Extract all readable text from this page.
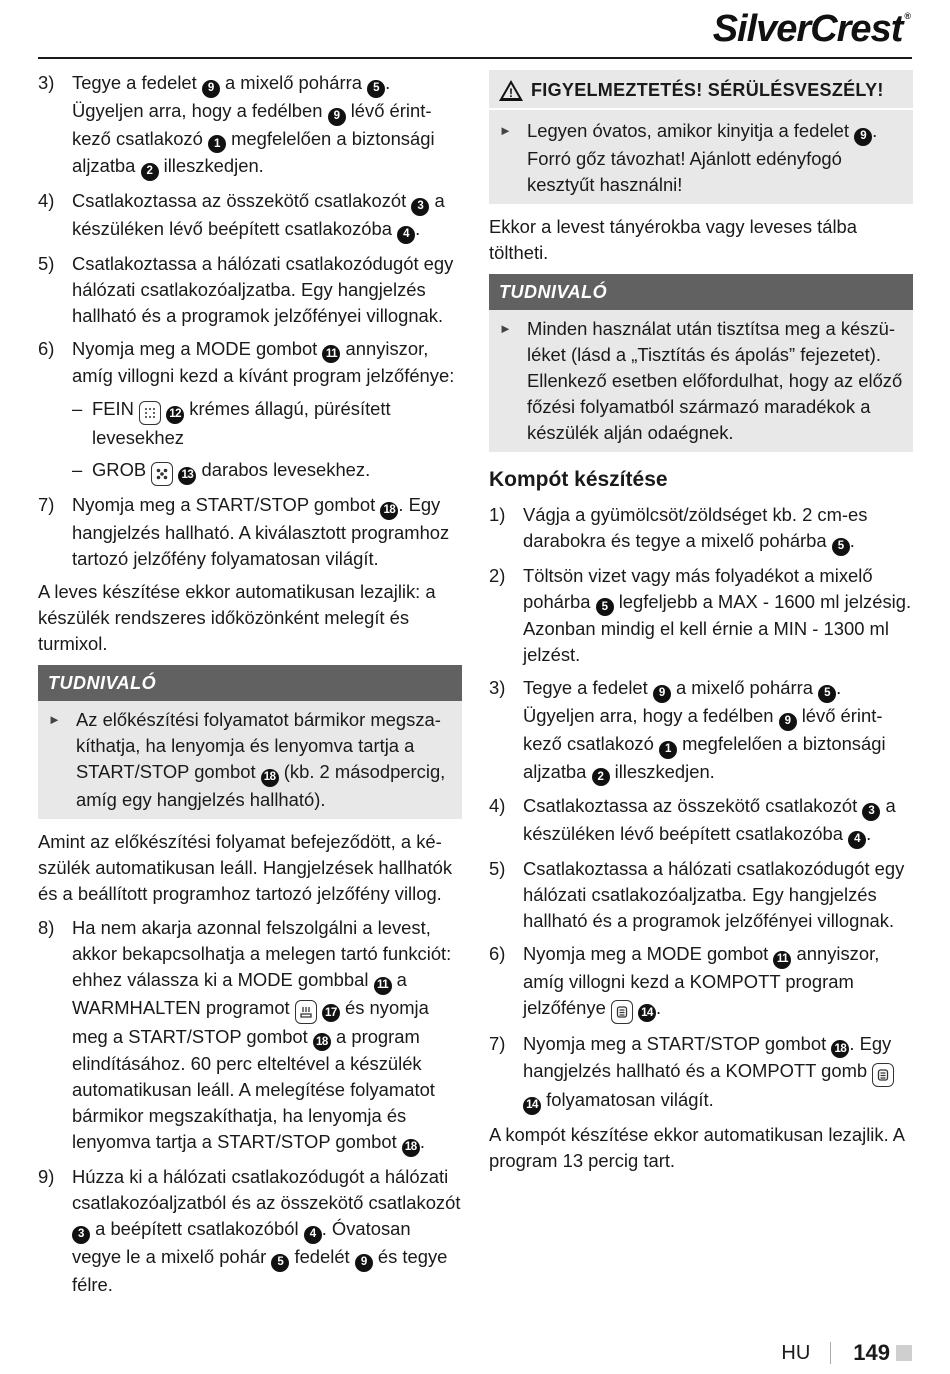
SilverCrest ®
3) Tegye a fedelet 9 a mixelő pohárra 5 . Ügyeljen arra, hogy a fedélben 9 lévő érintkező csatlakozó 1 megfelelően a biztonsági aljzatba 2 illeszkedjen.
4) Csatlakoztassa az összekötő csatlakozót 3 a készüléken lévő beépített csatlakozóba 4 .
5) Csatlakoztassa a hálózati csatlakozódugót egy hálózati csatlakozóaljzatba. Egy hangjelzés hallható és a programok jelzőfényei villognak.
6) Nyomja meg a MODE gombot 11 annyiszor, amíg villogni kezd a kívánt program jelzőfénye:
– FEIN	12 krémes állagú, pürésített levesekhez
– GROB	13 darabos levesekhez.
7) Nyomja meg a START/STOP gombot 18 . Egy hangjelzés hallható. A kiválasztott programhoz tartozó jelzőfény folyamatosan világít.

A leves készítése ekkor automatikusan lezajlik: a készülék rendszeres időközönként melegít és turmixol.

TUDNIVALÓ
► Az előkészítési folyamatot bármikor megszakíthatja, ha lenyomja és lenyomva tartja a START/STOP gombot 18 (kb. 2 másodpercig, amíg egy hangjelzés hallható).

Amint az előkészítési folyamat befejeződött, a készülék automatikusan leáll. Hangjelzések hallhatók és a beállított programhoz tartozó jelzőfény villog.

8) Ha nem akarja azonnal felszolgálni a levest, akkor bekapcsolhatja a melegen tartó funkciót: ehhez válassza ki a MODE gombbal 11 a WARMHALTEN programot	17 és nyomja meg a START/STOP gombot 18 a program elindításához. 60 perc elteltével a készülék automatikusan leáll. A melegítése folyamatot bármikor megszakíthatja, ha lenyomja és lenyomva tartja a START/STOP gombot 18 .
9) Húzza ki a hálózati csatlakozódugót a hálózati csatlakozóaljzatból és az összekötő csatlakozót 3 a beépített csatlakozóból 4 . Óvatosan vegye le a mixelő pohár 5 fedelét 9 és tegye félre.
! FIGYELMEZTETÉS! SÉRÜLÉSVESZÉLY!
► Legyen óvatos, amikor kinyitja a fedelet 9 . Forró gőz távozhat! Ajánlott edényfogó kesztyűt használni!

Ekkor a levest tányérokba vagy leveses tálba töltheti.

TUDNIVALÓ
► Minden használat után tisztítsa meg a készüléket (lásd a „Tisztítás és ápolás” fejezetet). Ellenkező esetben előfordulhat, hogy az előző főzési folyamatból származó maradékok a készülék alján odaégnek.
Kompót készítése
1) Vágja a gyümölcsöt/zöldséget kb. 2 cm-es darabokra és tegye a mixelő pohárba 5 .
2) Töltsön vizet vagy más folyadékot a mixelő pohárba 5 legfeljebb a MAX - 1600 ml jelzésig. Azonban mindig el kell érnie a MIN - 1300 ml jelzést.
3) Tegye a fedelet 9 a mixelő pohárra 5 . Ügyeljen arra, hogy a fedélben 9 lévő érintkező csatlakozó 1 megfelelően a biztonsági aljzatba 2 illeszkedjen.
4) Csatlakoztassa az összekötő csatlakozót 3 a készüléken lévő beépített csatlakozóba 4 .
5) Csatlakoztassa a hálózati csatlakozódugót egy hálózati csatlakozóaljzatba. Egy hangjelzés hallható és a programok jelzőfényei villognak.
6) Nyomja meg a MODE gombot 11 annyiszor, amíg villogni kezd a KOMPOTT program jelzőfénye	14 .
7) Nyomja meg a START/STOP gombot 18 . Egy hangjelzés hallható és a KOMPOTT gomb
14 folyamatosan világít.

A kompót készítése ekkor automatikusan lezajlik. A program 13 percig tart.

HU 149
